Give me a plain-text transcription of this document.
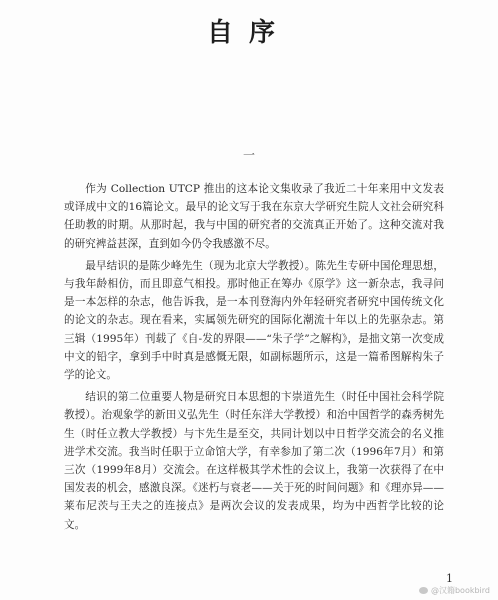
自序
一

作为 Collection UTCP 推出的这本论文集收录了我近二十年来用中文发表或译成中文的16篇论文。最早的论文写于我在东京大学研究生院人文社会研究科任助教的时期。从那时起，我与中国的研究者的交流真正开始了。这种交流对我的研究裨益甚深，直到如今仍令我感激不尽。

最早结识的是陈少峰先生（现为北京大学教授）。陈先生专研中国伦理思想，与我年龄相仿，而且即意气相投。那时他正在筹办《原学》这一新杂志，我寻问是一本怎样的杂志，他告诉我，是一本刊登海内外年轻研究者研究中国传统文化的论文的杂志。现在看来，实属领先研究的国际化潮流十年以上的先驱杂志。第三辑（1995年）刊载了《自-发的界限——“朱子学”之解构》，是拙文第一次变成中文的铅字，拿到手中时真是感慨无限，如副标题所示，这是一篇希图解构朱子学的论文。

结识的第二位重要人物是研究日本思想的卞崇道先生（时任中国社会科学院教授）。治观象学的新田义弘先生（时任东洋大学教授）和治中国哲学的森秀树先生（时任立教大学教授）与卞先生是至交，共同计划以中日哲学交流会的名义推进学术交流。我当时任职于立命馆大学，有幸参加了第二次（1996年7月）和第三次（1999年8月）交流会。在这样极其学术性的会议上，我第一次获得了在中国发表的机会，感激良深。《迷朽与衰老——关于死的时间问题》和《理亦异——莱布尼茨与王夫之的连接点》是两次会议的发表成果，均为中西哲学比较的论文。

1
@汉籍bookbird
